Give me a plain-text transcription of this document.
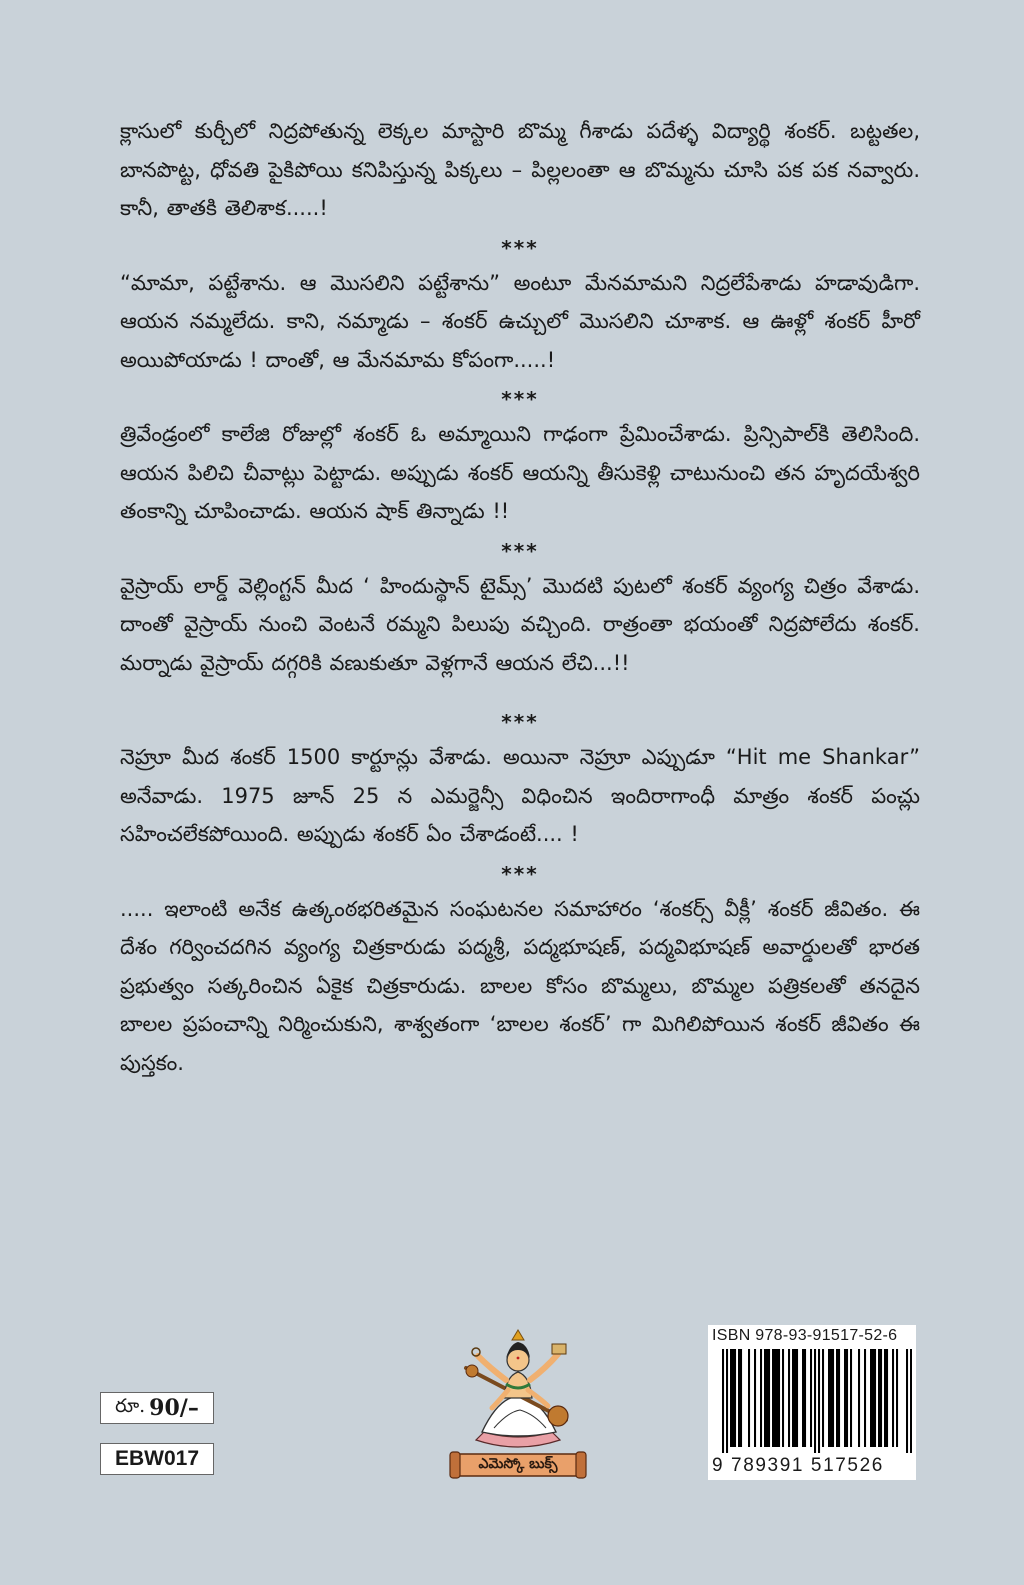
క్లాసులో కుర్చీలో నిద్రపోతున్న లెక్కల మాస్టారి బొమ్మ గీశాడు పదేళ్ళ విద్యార్థి శంకర్. బట్టతల, బానపొట్ట, ధోవతి పైకిపోయి కనిపిస్తున్న పిక్కలు – పిల్లలంతా ఆ బొమ్మను చూసి పక పక నవ్వారు. కానీ, తాతకి తెలిశాక.....!

***

“మామా, పట్టేశాను. ఆ మొసలిని పట్టేశాను” అంటూ మేనమామని నిద్రలేపేశాడు హడావుడిగా. ఆయన నమ్మలేదు. కాని, నమ్మాడు – శంకర్ ఉచ్చులో మొసలిని చూశాక. ఆ ఊళ్లో శంకర్ హీరో అయిపోయాడు ! దాంతో, ఆ మేనమామ కోపంగా.....!

***

త్రివేండ్రంలో కాలేజి రోజుల్లో శంకర్ ఓ అమ్మాయిని గాఢంగా ప్రేమించేశాడు. ప్రిన్సిపాల్‌కి తెలిసింది. ఆయన పిలిచి చీవాట్లు పెట్టాడు. అప్పుడు శంకర్ ఆయన్ని తీసుకెళ్లి చాటునుంచి తన హృదయేశ్వరి తంకాన్ని చూపించాడు. ఆయన షాక్ తిన్నాడు !!

***

వైస్రాయ్ లార్డ్ వెల్లింగ్టన్ మీద ‘ హిందుస్థాన్ టైమ్స్’ మొదటి పుటలో శంకర్ వ్యంగ్య చిత్రం వేశాడు. దాంతో వైస్రాయ్ నుంచి వెంటనే రమ్మని పిలుపు వచ్చింది. రాత్రంతా భయంతో నిద్రపోలేదు శంకర్. మర్నాడు వైస్రాయ్ దగ్గరికి వణుకుతూ వెళ్లగానే ఆయన లేచి...!!

***

నెహ్రూ మీద శంకర్ 1500 కార్టూన్లు వేశాడు. అయినా నెహ్రూ ఎప్పుడూ “Hit me Shankar” అనేవాడు. 1975 జూన్ 25 న ఎమర్జెన్సీ విధించిన ఇందిరాగాంధీ మాత్రం శంకర్ పంచ్లు సహించలేకపోయింది. అప్పుడు శంకర్ ఏం చేశాడంటే.... !

***

..... ఇలాంటి అనేక ఉత్కంఠభరితమైన సంఘటనల సమాహారం ‘శంకర్స్ వీక్లీ’ శంకర్ జీవితం. ఈ దేశం గర్వించదగిన వ్యంగ్య చిత్రకారుడు పద్మశ్రీ, పద్మభూషణ్, పద్మవిభూషణ్ అవార్డులతో భారత ప్రభుత్వం సత్కరించిన ఏకైక చిత్రకారుడు. బాలల కోసం బొమ్మలు, బొమ్మల పత్రికలతో తనదైన బాలల ప్రపంచాన్ని నిర్మించుకుని, శాశ్వతంగా ‘బాలల శంకర్’ గా మిగిలిపోయిన శంకర్ జీవితం ఈ పుస్తకం.

రూ. 90/–
EBW017	ఎమెస్కో బుక్స్
ISBN 978-93-91517-52-6
9 789391 517526
